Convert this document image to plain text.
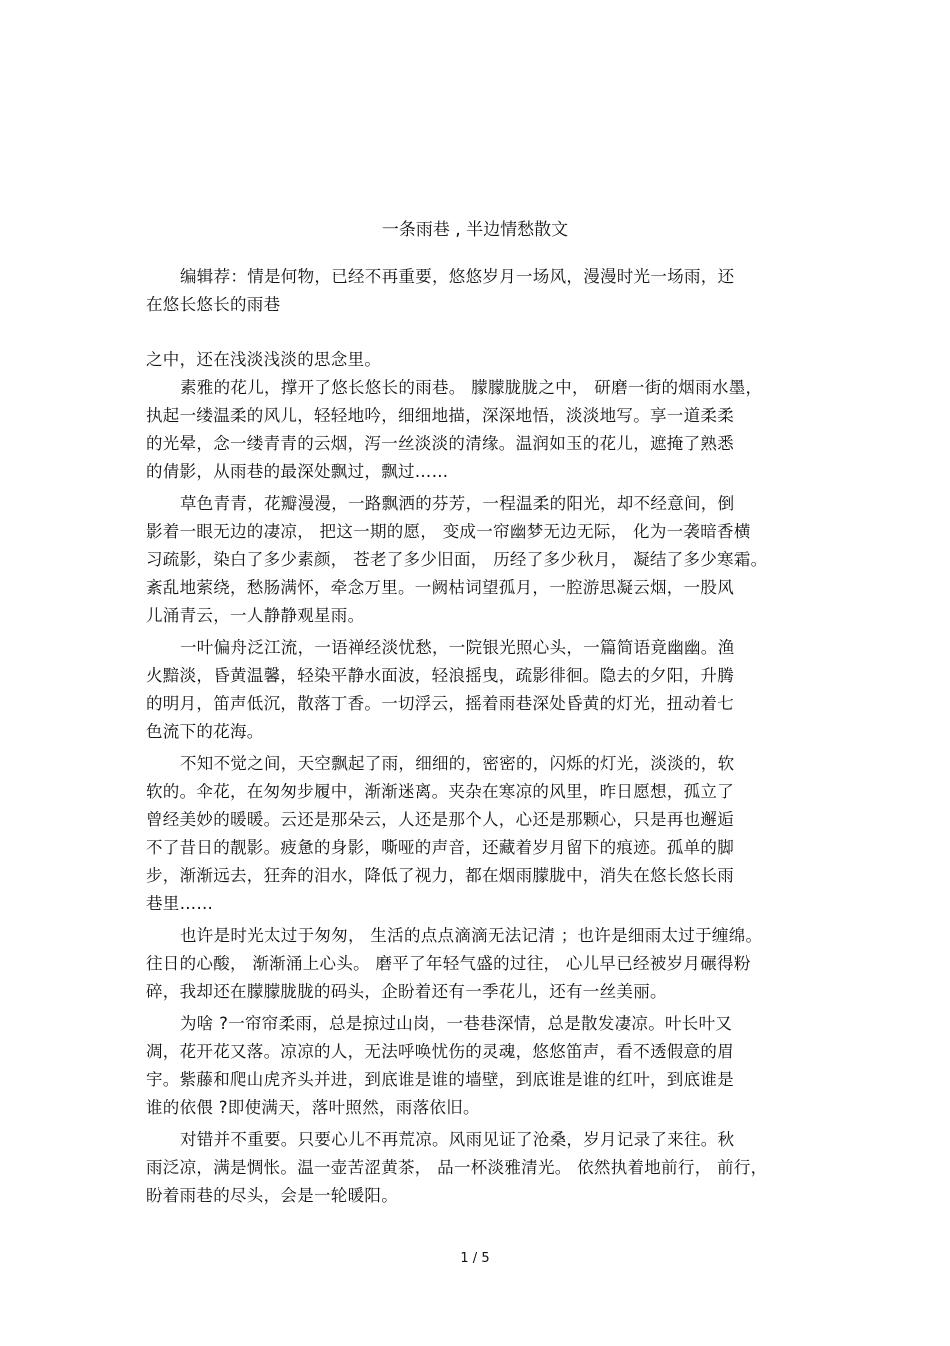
一条雨巷 , 半边情愁散文
编辑荐：情是何物，已经不再重要，悠悠岁月一场风，漫漫时光一场雨，还
在悠长悠长的雨巷
之中，还在浅淡浅淡的思念里。
素雅的花儿，撑开了悠长悠长的雨巷。 朦朦胧胧之中， 研磨一街的烟雨水墨，
执起一缕温柔的风儿，轻轻地吟，细细地描，深深地悟，淡淡地写。享一道柔柔
的光晕，念一缕青青的云烟，泻一丝淡淡的清缘。温润如玉的花儿，遮掩了熟悉
的倩影，从雨巷的最深处飘过，飘过……
草色青青，花瓣漫漫，一路飘洒的芬芳，一程温柔的阳光，却不经意间，倒
影着一眼无边的凄凉， 把这一期的愿， 变成一帘幽梦无边无际， 化为一袭暗香横
习疏影，染白了多少素颜， 苍老了多少旧面， 历经了多少秋月， 凝结了多少寒霜。
紊乱地萦绕，愁肠满怀，牵念万里。一阙枯词望孤月，一腔游思凝云烟，一股风
儿涌青云，一人静静观星雨。
一叶偏舟泛江流，一语禅经淡忧愁，一院银光照心头，一篇简语竟幽幽。渔
火黯淡，昏黄温馨，轻染平静水面波，轻浪摇曳，疏影徘徊。隐去的夕阳，升腾
的明月，笛声低沉，散落丁香。一切浮云，摇着雨巷深处昏黄的灯光，扭动着七
色流下的花海。
不知不觉之间，天空飘起了雨，细细的，密密的，闪烁的灯光，淡淡的，软
软的。伞花，在匆匆步履中，渐渐迷离。夹杂在寒凉的风里，昨日愿想，孤立了
曾经美妙的暖暖。云还是那朵云，人还是那个人，心还是那颗心，只是再也邂逅
不了昔日的靓影。疲惫的身影，嘶哑的声音，还藏着岁月留下的痕迹。孤单的脚
步，渐渐远去，狂奔的泪水，降低了视力，都在烟雨朦胧中，消失在悠长悠长雨
巷里……
也许是时光太过于匆匆， 生活的点点滴滴无法记清 ；也许是细雨太过于缠绵。
往日的心酸， 渐渐涌上心头。 磨平了年轻气盛的过往， 心儿早已经被岁月碾得粉
碎，我却还在朦朦胧胧的码头，企盼着还有一季花儿，还有一丝美丽。
为啥 ?一帘帘柔雨，总是掠过山岗，一巷巷深情，总是散发凄凉。叶长叶又
凋，花开花又落。凉凉的人，无法呼唤忧伤的灵魂，悠悠笛声，看不透假意的眉
宇。紫藤和爬山虎齐头并进，到底谁是谁的墙壁，到底谁是谁的红叶，到底谁是
谁的依偎 ?即使满天，落叶照然，雨落依旧。
对错并不重要。只要心儿不再荒凉。风雨见证了沧桑，岁月记录了来往。秋
雨泛凉，满是惆怅。温一壶苦涩黄茶， 品一杯淡雅清光。 依然执着地前行， 前行，
盼着雨巷的尽头，会是一轮暖阳。
1 / 5
